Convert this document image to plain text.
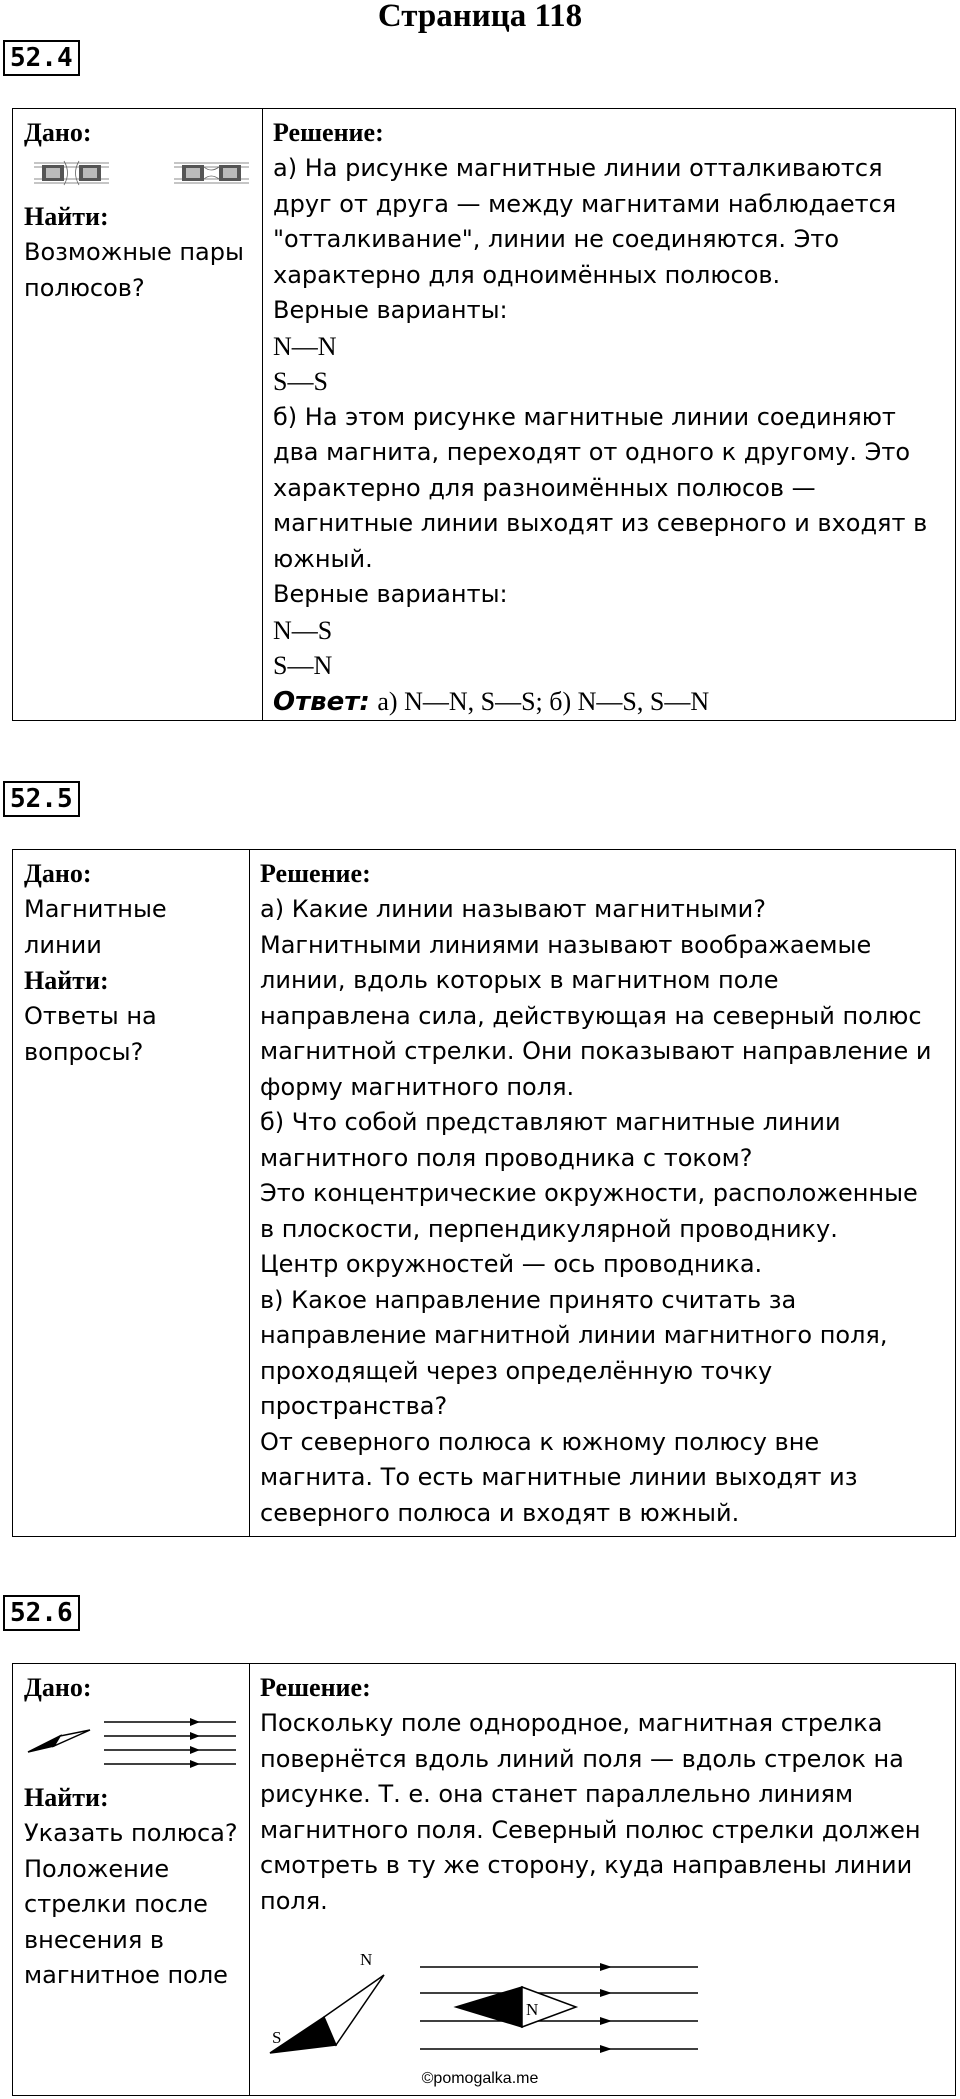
Страница 118
52.4
Дано:
Найти:

Возможные пары полюсов?

Решение:
а) На рисунке магнитные линии отталкиваются
друг от друга — между магнитами наблюдается
"отталкивание", линии не соединяются. Это
характерно для одноимённых полюсов.
Верные варианты:
N—N
S—S
б) На этом рисунке магнитные линии соединяют
два магнита, переходят от одного к другому. Это
характерно для разноимённых полюсов —
магнитные линии выходят из северного и входят в
южный.
Верные варианты:
N—S
S—N
Ответ: а) N—N, S—S; б) N—S, S—N
52.5
Дано:

Магнитные линии

Найти:

Ответы на вопросы?

Решение:
а) Какие линии называют магнитными?
Магнитными линиями называют воображаемые
линии, вдоль которых в магнитном поле
направлена сила, действующая на северный полюс
магнитной стрелки. Они показывают направление и
форму магнитного поля.
б) Что собой представляют магнитные линии
магнитного поля проводника с током?
Это концентрические окружности, расположенные
в плоскости, перпендикулярной проводнику.
Центр окружностей — ось проводника.
в) Какое направление принято считать за
направление магнитной линии магнитного поля,
проходящей через определённую точку
пространства?
От северного полюса к южному полюсу вне
магнита. То есть магнитные линии выходят из
северного полюса и входят в южный.
52.6
Дано:
Найти:

Указать полюса? Положение стрелки после внесения в магнитное поле

Решение:
Поскольку поле однородное, магнитная стрелка
повернётся вдоль линий поля — вдоль стрелок на
рисунке. Т. е. она станет параллельно линиям
магнитного поля. Северный полюс стрелки должен
смотреть в ту же сторону, куда направлены линии
поля.
N
S
N
©pomogalka.me
